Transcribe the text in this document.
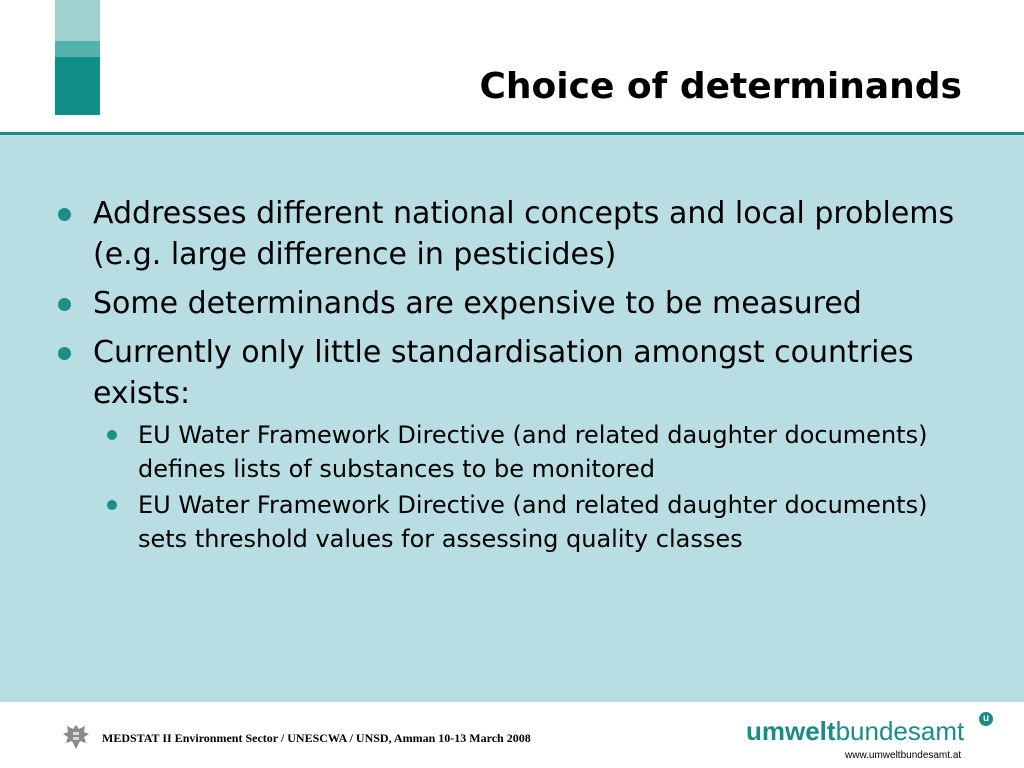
Choice of determinands
Addresses different national concepts and local problems (e.g. large difference in pesticides)
Some determinands are expensive to be measured
Currently only little standardisation amongst countries exists:
EU Water Framework Directive (and related daughter documents) defines lists of substances to be monitored
EU Water Framework Directive (and related daughter documents) sets threshold values for assessing quality classes
MEDSTAT II Environment Sector / UNESCWA / UNSD, Amman 10-13 March 2008	umweltbundesamt	u
www.umweltbundesamt.at
